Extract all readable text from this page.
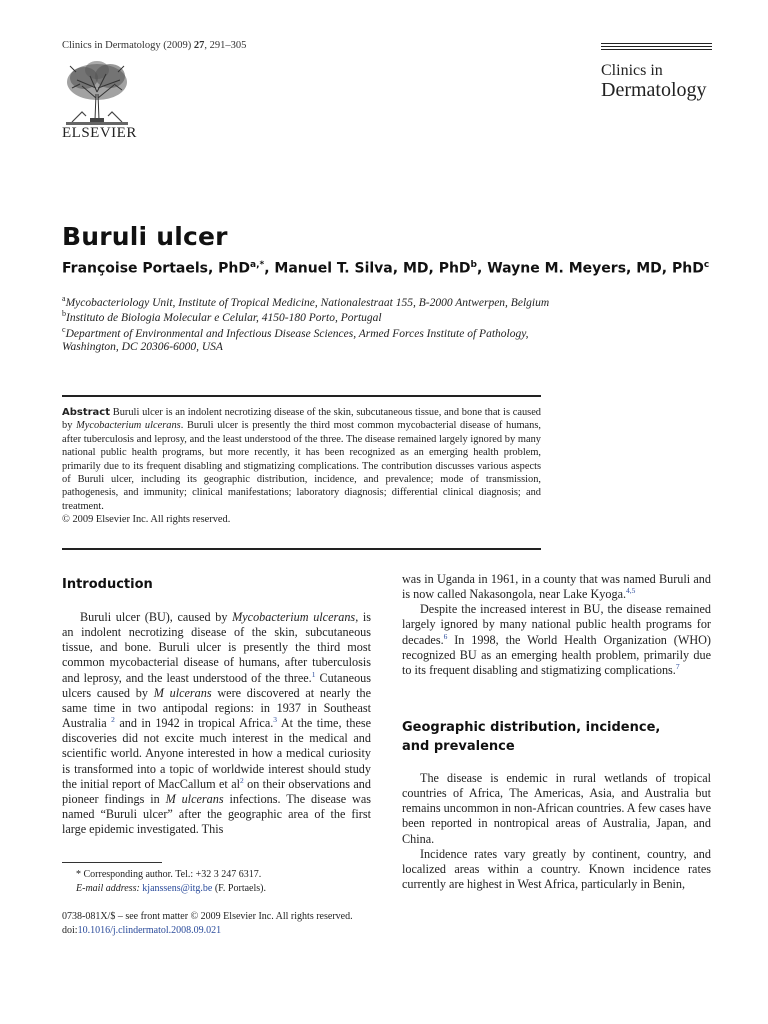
Clinics in Dermatology (2009) 27, 291–305
ELSEVIER
Clinics in
Dermatology
Buruli ulcer
Françoise Portaels, PhD$^{a,*}$, Manuel T. Silva, MD, PhD$^b$, Wayne M. Meyers, MD, PhD$^c$
$^a$Mycobacteriology Unit, Institute of Tropical Medicine, Nationalestraat 155, B-2000 Antwerpen, Belgium
$^b$Instituto de Biologia Molecular e Celular, 4150-180 Porto, Portugal
$^c$Department of Environmental and Infectious Disease Sciences, Armed Forces Institute of Pathology,
Washington, DC 20306-6000, USA
Abstract Buruli ulcer is an indolent necrotizing disease of the skin, subcutaneous tissue, and bone that is caused by Mycobacterium ulcerans. Buruli ulcer is presently the third most common mycobacterial disease of humans, after tuberculosis and leprosy, and the least understood of the three. The disease remained largely ignored by many national public health programs, but more recently, it has been recognized as an emerging health problem, primarily due to its frequent disabling and stigmatizing complications. The contribution discusses various aspects of Buruli ulcer, including its geographic distribution, incidence, and prevalence; mode of transmission, pathogenesis, and immunity; clinical manifestations; laboratory diagnosis; differential clinical diagnosis; and treatment.
© 2009 Elsevier Inc. All rights reserved.
Introduction

Buruli ulcer (BU), caused by Mycobacterium ulcerans, is an indolent necrotizing disease of the skin, subcutaneous tissue, and bone. Buruli ulcer is presently the third most common mycobacterial disease of humans, after tuberculosis and leprosy, and the least understood of the three.$^1$ Cutaneous ulcers caused by M ulcerans were discovered at nearly the same time in two antipodal regions: in 1937 in Southeast Australia $^2$ and in 1942 in tropical Africa.$^3$ At the time, these discoveries did not excite much interest in the medical and scientific world. Anyone interested in how a medical curiosity is transformed into a topic of worldwide interest should study the initial report of MacCallum et $al^2$ on their observations and pioneer findings in M ulcerans infections. The disease was named “Buruli ulcer” after the geographic area of the first large epidemic investigated. This

was in Uganda in 1961, in a county that was named Buruli and is now called Nakasongola, near Lake Kyoga.$^{4,5}$

Despite the increased interest in BU, the disease remained largely ignored by many national public health programs for decades.$^6$ In 1998, the World Health Organization (WHO) recognized BU as an emerging health problem, primarily due to its frequent disabling and stigmatizing complications.$^7$

Geographic distribution, incidence,
and prevalence

The disease is endemic in rural wetlands of tropical countries of Africa, The Americas, Asia, and Australia but remains uncommon in non-African countries. A few cases have been reported in nontropical areas of Australia, Japan, and China.

Incidence rates vary greatly by continent, country, and localized areas within a country. Known incidence rates currently are highest in West Africa, particularly in Benin,

* Corresponding author. Tel.: +32 3 247 6317.
E-mail address: kjanssens@itg.be (F. Portaels).
0738-081X/$ – see front matter © 2009 Elsevier Inc. All rights reserved.
doi:10.1016/j.clindermatol.2008.09.021
